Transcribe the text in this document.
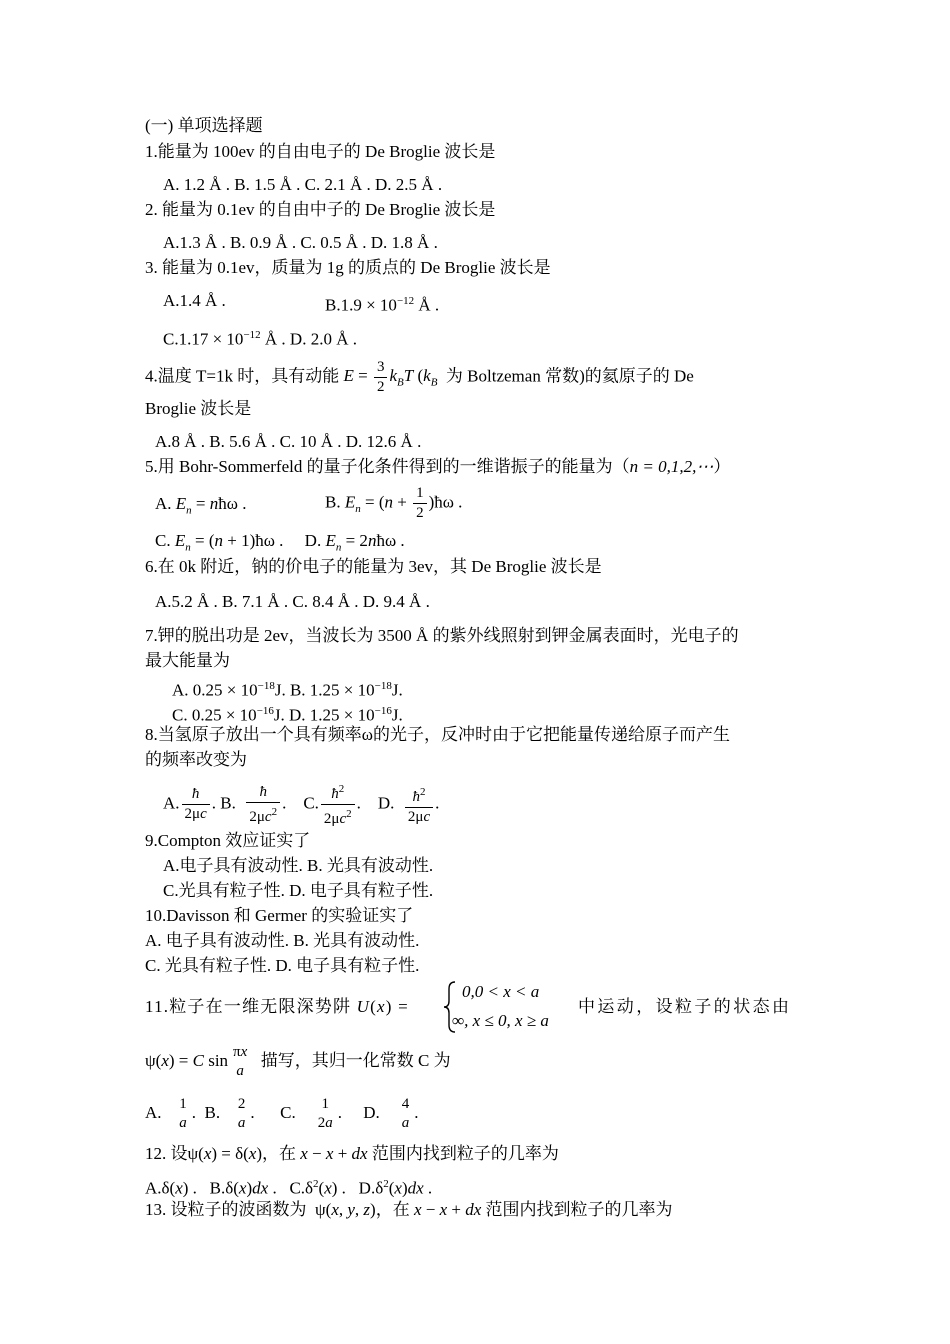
(一) 单项选择题
1.能量为 100ev 的自由电子的 De Broglie 波长是
A. 1.2 Å . B. 1.5 Å . C. 2.1 Å . D. 2.5 Å .
2. 能量为 0.1ev 的自由中子的 De Broglie 波长是
A.1.3 Å . B. 0.9 Å . C. 0.5 Å . D. 1.8 Å .
3. 能量为 0.1ev，质量为 1g 的质点的 De Broglie 波长是
A.1.4 Å .	$B.1.9 \times 10^{-12}$ Å .
$C.1.17 \times 10^{-12}$ Å . D. 2.0 Å .
4.温度 T=1k 时，具有动能 $E = \frac{3}{2} k_BT$ ($k_B$ 为 Boltzeman 常数)的氦原子的 De
Broglie 波长是
A.8 Å . B. 5.6 Å . C. 10 Å . D. 12.6 Å .
5.用 Bohr-Sommerfeld 的量子化条件得到的一维谐振子的能量为（n = 0,1,2,⋯）
A. $E_n$ = nħω .	B. $E_n = (n + \frac{1}{2}$ )ħω .
C. $E_n = (n$ + 1)ħω .     D. $E_n$ = 2nħω .
6.在 0k 附近，钠的价电子的能量为 3ev，其 De Broglie 波长是
A.5.2 Å . B. 7.1 Å . C. 8.4 Å . D. 9.4 Å .
7.钾的脱出功是 2ev，当波长为 3500 Å 的紫外线照射到钾金属表面时，光电子的
最大能量为
A. $0.25 \times 10^{-18}J$. B. $1.25 \times 10^{-18}J$.
C. $0.25 \times 10^{-16}J$. D. $1.25 \times 10^{-16}J$.
8.当氢原子放出一个具有频率ω的光子，反冲时由于它把能量传递给原子而产生
的频率改变为
A. $\frac{ħ}{2\mu c}$ . B. $\frac{ħ}{2\mu c^2}$ .    C. $\frac{ħ^2}{2\mu c^2}$ .    D. $\frac{ħ^2}{2\mu c}$ .
9.Compton 效应证实了
A.电子具有波动性. B. 光具有波动性.
C.光具有粒子性. D. 电子具有粒子性.
10.Davisson 和 Germer 的实验证实了
A. 电子具有波动性. B. 光具有波动性.
C. 光具有粒子性. D. 电子具有粒子性.
11.粒子在一维无限深势阱 U(x) =
0,0 < x < a
∞, x ≤ 0, x ≥ a
中运动，设粒子的状态由
ψ(x) = C sin πx
a
描写，其归一化常数 C 为
A. 1
a
.  B. 2
a
.      C. 1
2a
.     D. 4
a
.
12. 设ψ(x) = δ(x)，在 x − x + dx 范围内找到粒子的几率为
A.δ(x) .   B.δ(x)dx .   $C.\delta^2(x)$ .   $D.\delta^2(x)dx$ .
13. 设粒子的波函数为  ψ(x, y, z)，在 x − x + dx 范围内找到粒子的几率为
